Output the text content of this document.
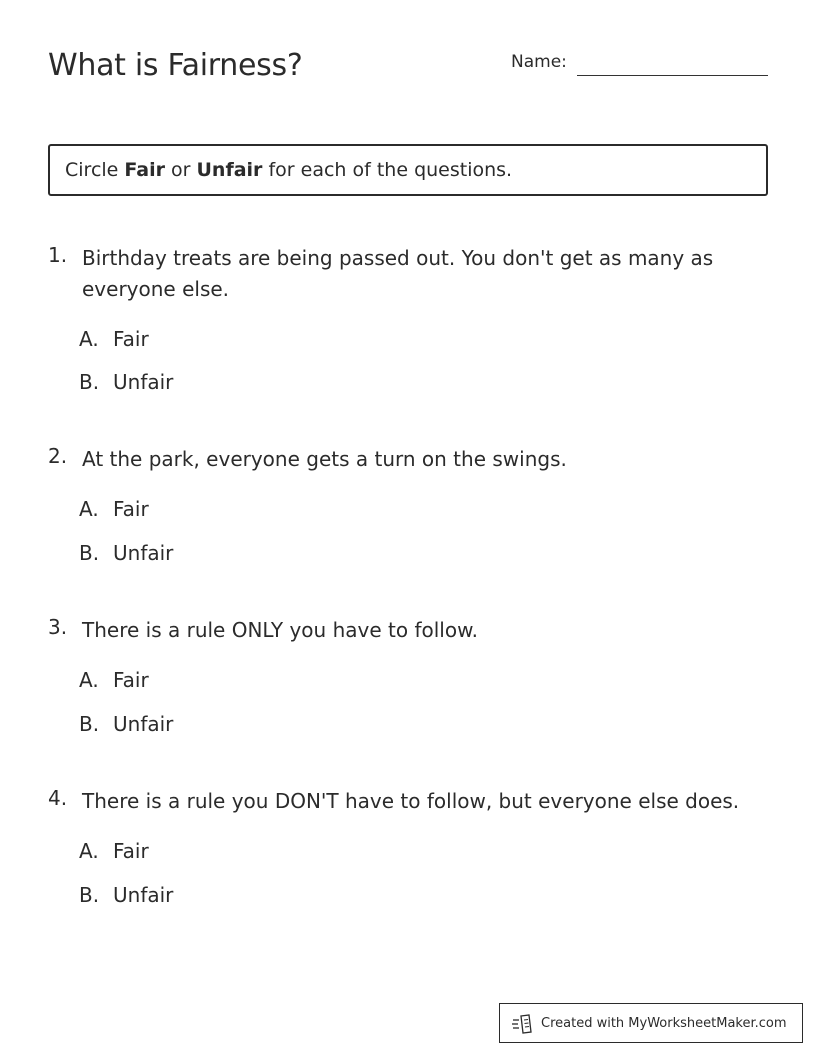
What is Fairness?	Name:
Circle Fair or Unfair for each of the questions.
1. Birthday treats are being passed out. You don't get as many as everyone else.
A. Fair
B. Unfair
2. At the park, everyone gets a turn on the swings.
A. Fair
B. Unfair
3. There is a rule ONLY you have to follow.
A. Fair
B. Unfair
4. There is a rule you DON'T have to follow, but everyone else does.
A. Fair
B. Unfair
Created with MyWorksheetMaker.com
